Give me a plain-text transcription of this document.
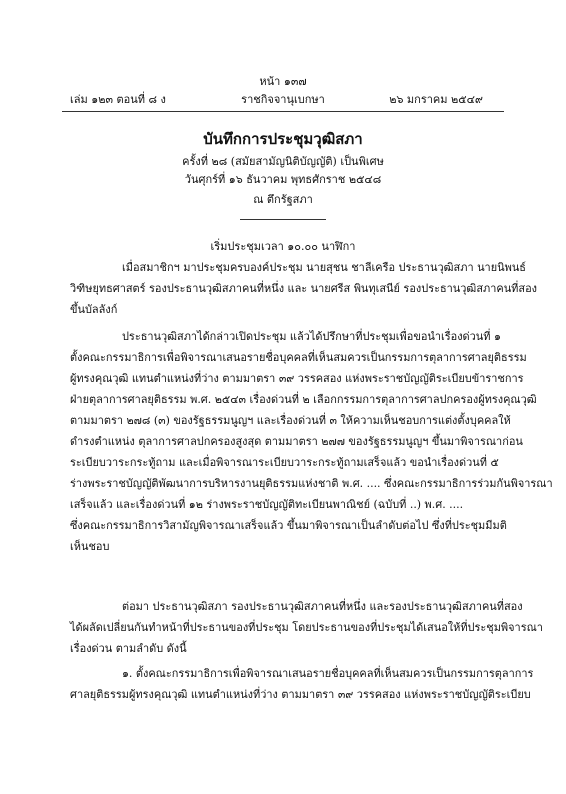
หน้า ๑๓๗
เล่ม ๑๒๓ ตอนที่ ๘ ง	ราชกิจจานุเบกษา	๒๖ มกราคม ๒๕๔๙
บันทึกการประชุมวุฒิสภา
ครั้งที่ ๒๘ (สมัยสามัญนิติบัญญัติ) เป็นพิเศษ
วันศุกร์ที่ ๑๖ ธันวาคม พุทธศักราช ๒๕๔๘
ณ ตึกรัฐสภา
เริ่มประชุมเวลา ๑๐.๐๐ นาฬิกา
เมื่อสมาชิกฯ มาประชุมครบองค์ประชุม นายสุชน ชาลีเครือ ประธานวุฒิสภา นายนิพนธ์
วิฑิษยุทธศาสตร์ รองประธานวุฒิสภาคนที่หนึ่ง และ นายศรีส พินทุเสนีย์ รองประธานวุฒิสภาคนที่สอง
ขึ้นบัลลังก์
ประธานวุฒิสภาได้กล่าวเปิดประชุม แล้วได้ปรึกษาที่ประชุมเพื่อขอนำเรื่องด่วนที่ ๑
ตั้งคณะกรรมาธิการเพื่อพิจารณาเสนอรายชื่อบุคคลที่เห็นสมควรเป็นกรรมการตุลาการศาลยุติธรรม
ผู้ทรงคุณวุฒิ แทนตำแหน่งที่ว่าง ตามมาตรา ๓๙ วรรคสอง แห่งพระราชบัญญัติระเบียบข้าราชการ
ฝ่ายตุลาการศาลยุติธรรม พ.ศ. ๒๕๔๓ เรื่องด่วนที่ ๒ เลือกกรรมการตุลาการศาลปกครองผู้ทรงคุณวุฒิ
ตามมาตรา ๒๗๘ (๓) ของรัฐธรรมนูญฯ และเรื่องด่วนที่ ๓ ให้ความเห็นชอบการแต่งตั้งบุคคลให้
ดำรงตำแหน่ง ตุลาการศาลปกครองสูงสุด ตามมาตรา ๒๗๗ ของรัฐธรรมนูญฯ ขึ้นมาพิจารณาก่อน
ระเบียบวาระกระทู้ถาม และเมื่อพิจารณาระเบียบวาระกระทู้ถามเสร็จแล้ว ขอนำเรื่องด่วนที่ ๕
ร่างพระราชบัญญัติพัฒนาการบริหารงานยุติธรรมแห่งชาติ พ.ศ. .... ซึ่งคณะกรรมาธิการร่วมกันพิจารณา
เสร็จแล้ว และเรื่องด่วนที่ ๑๒ ร่างพระราชบัญญัติทะเบียนพาณิชย์ (ฉบับที่ ..) พ.ศ. ....
ซึ่งคณะกรรมาธิการวิสามัญพิจารณาเสร็จแล้ว ขึ้นมาพิจารณาเป็นลำดับต่อไป ซึ่งที่ประชุมมีมติ
เห็นชอบ
ต่อมา ประธานวุฒิสภา รองประธานวุฒิสภาคนที่หนึ่ง และรองประธานวุฒิสภาคนที่สอง
ได้ผลัดเปลี่ยนกันทำหน้าที่ประธานของที่ประชุม โดยประธานของที่ประชุมได้เสนอให้ที่ประชุมพิจารณา
เรื่องด่วน ตามลำดับ ดังนี้
๑. ตั้งคณะกรรมาธิการเพื่อพิจารณาเสนอรายชื่อบุคคลที่เห็นสมควรเป็นกรรมการตุลาการ
ศาลยุติธรรมผู้ทรงคุณวุฒิ แทนตำแหน่งที่ว่าง ตามมาตรา ๓๙ วรรคสอง แห่งพระราชบัญญัติระเบียบ
